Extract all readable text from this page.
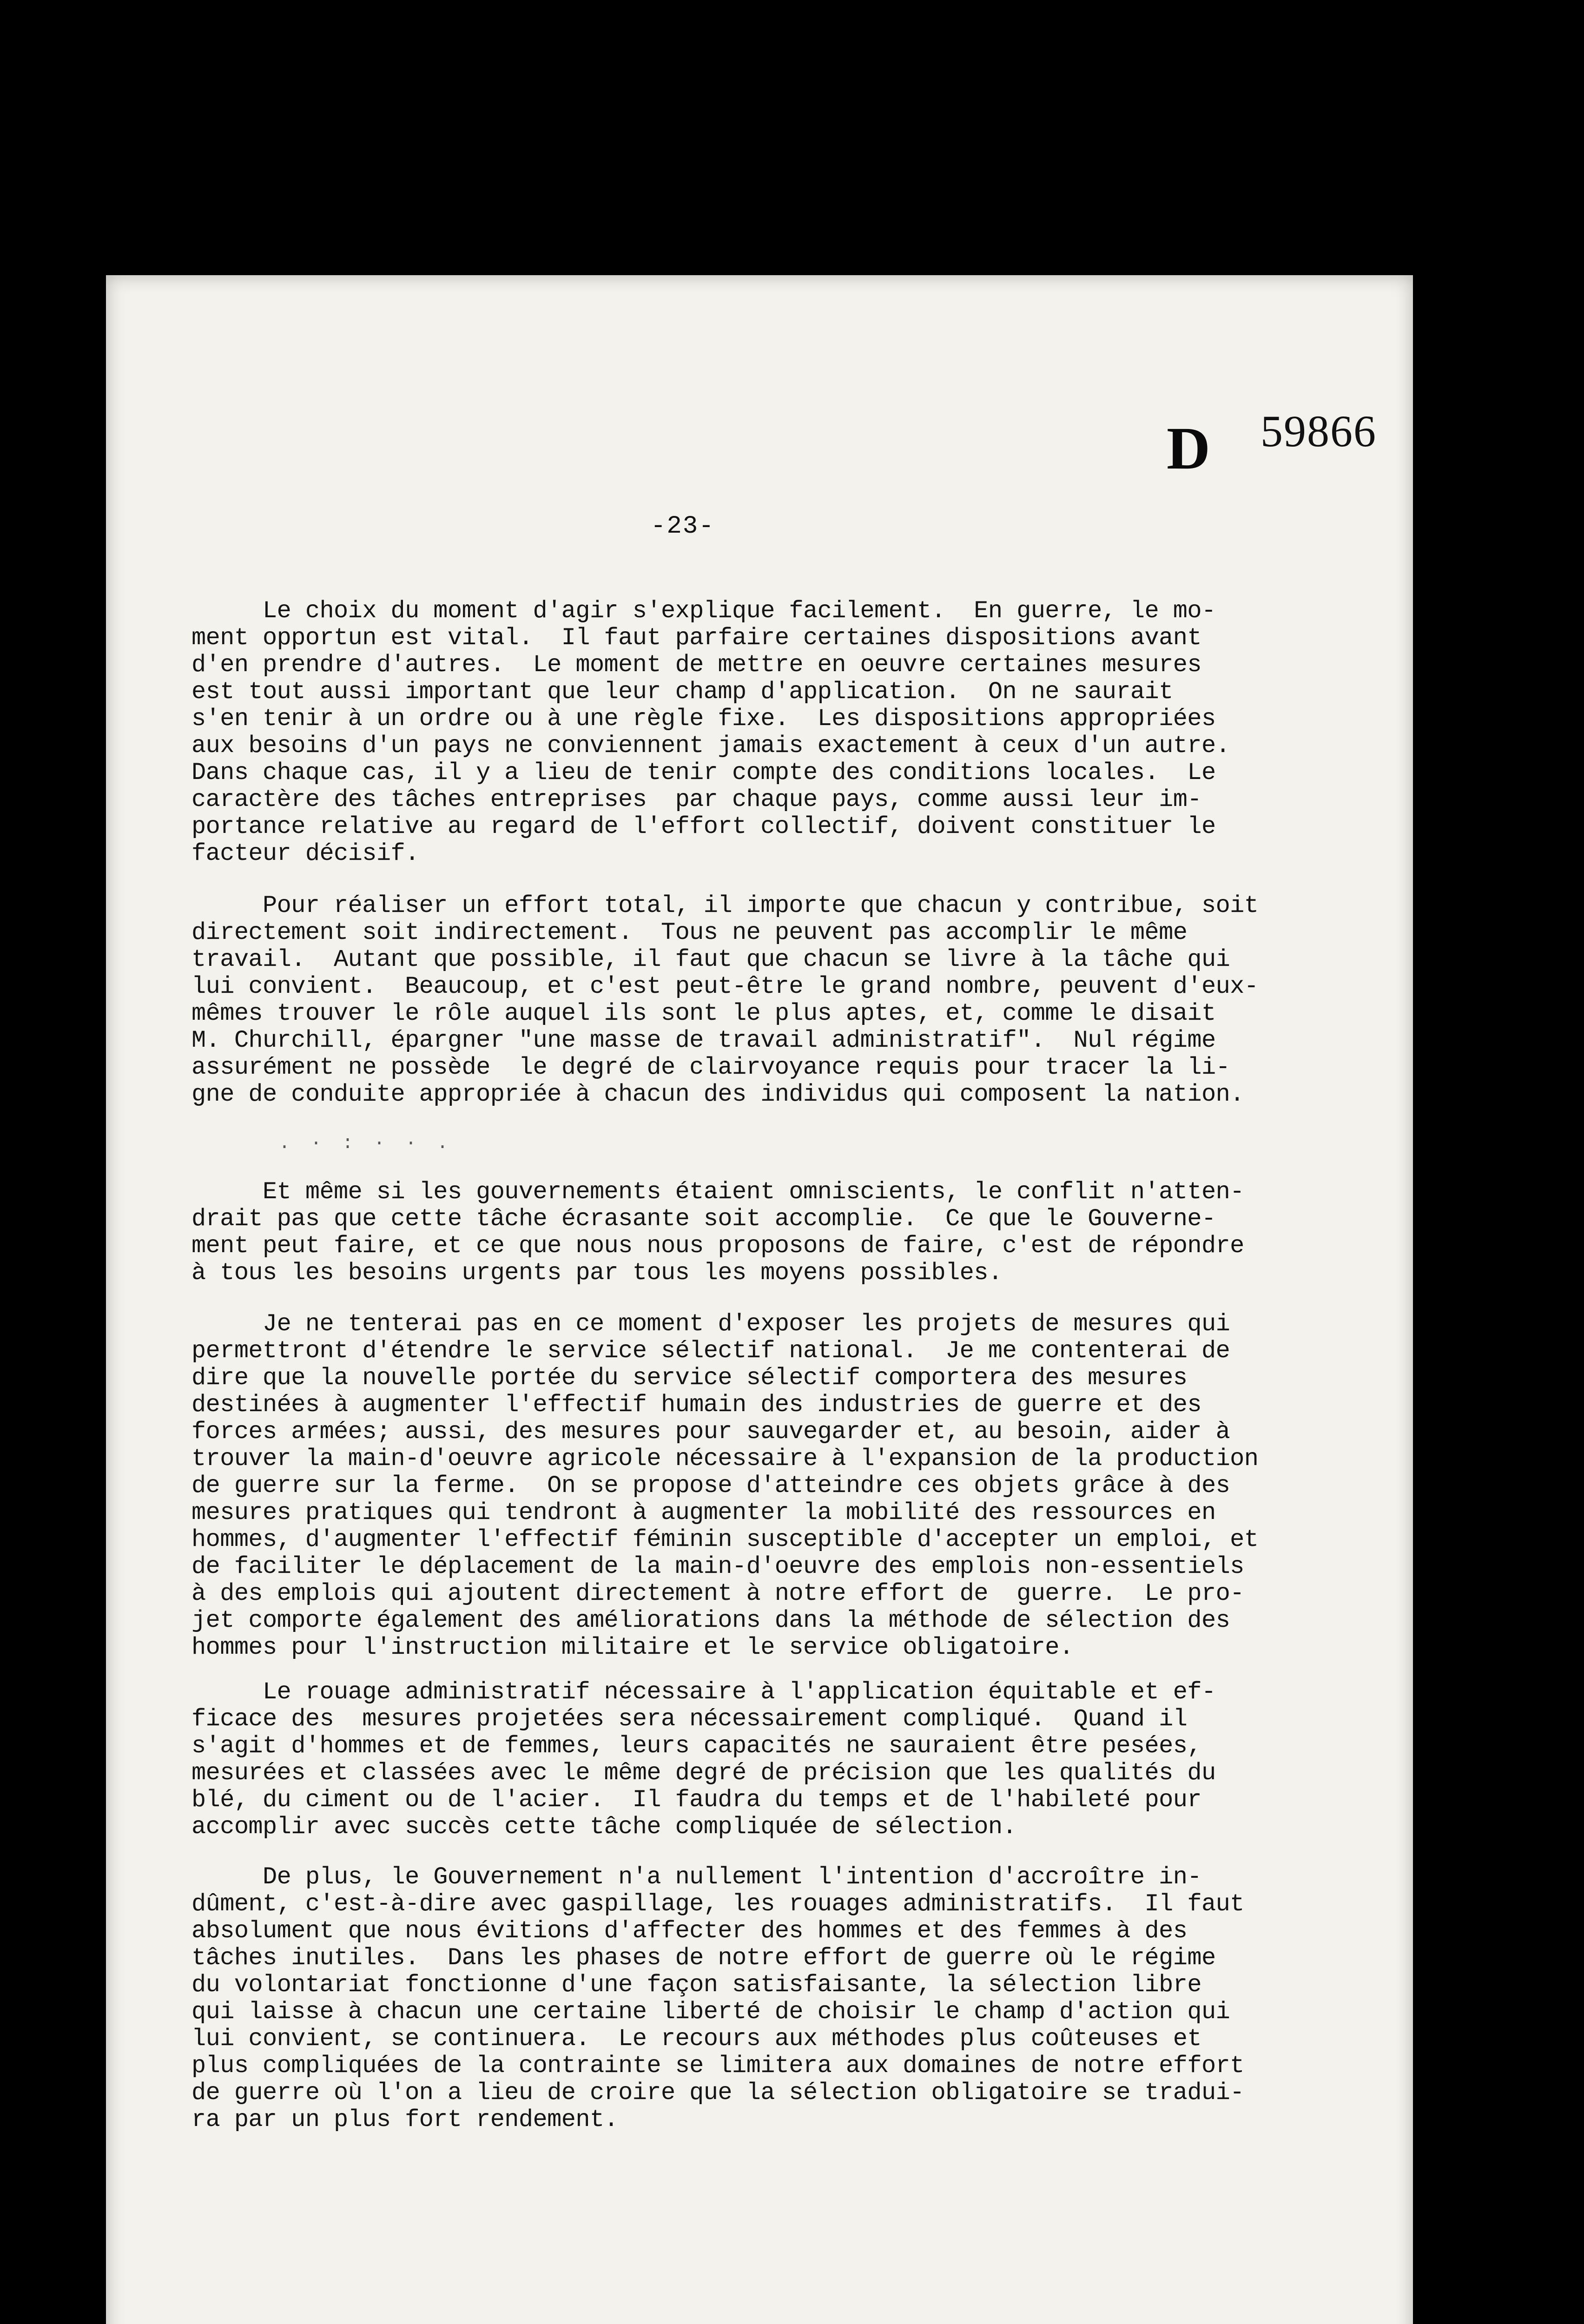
D 59866
-23-
Le choix du moment d'agir s'explique facilement.  En guerre, le mo-
ment opportun est vital.  Il faut parfaire certaines dispositions avant
d'en prendre d'autres.  Le moment de mettre en oeuvre certaines mesures
est tout aussi important que leur champ d'application.  On ne saurait
s'en tenir à un ordre ou à une règle fixe.  Les dispositions appropriées
aux besoins d'un pays ne conviennent jamais exactement à ceux d'un autre.
Dans chaque cas, il y a lieu de tenir compte des conditions locales.  Le
caractère des tâches entreprises  par chaque pays, comme aussi leur im-
portance relative au regard de l'effort collectif, doivent constituer le
facteur décisif.
Pour réaliser un effort total, il importe que chacun y contribue, soit
directement soit indirectement.  Tous ne peuvent pas accomplir le même
travail.  Autant que possible, il faut que chacun se livre à la tâche qui
lui convient.  Beaucoup, et c'est peut-être le grand nombre, peuvent d'eux-
mêmes trouver le rôle auquel ils sont le plus aptes, et, comme le disait
M. Churchill, épargner "une masse de travail administratif".  Nul régime
assurément ne possède  le degré de clairvoyance requis pour tracer la li-
gne de conduite appropriée à chacun des individus qui composent la nation.
. · : · · .
Et même si les gouvernements étaient omniscients, le conflit n'atten-
drait pas que cette tâche écrasante soit accomplie.  Ce que le Gouverne-
ment peut faire, et ce que nous nous proposons de faire, c'est de répondre
à tous les besoins urgents par tous les moyens possibles.
Je ne tenterai pas en ce moment d'exposer les projets de mesures qui
permettront d'étendre le service sélectif national.  Je me contenterai de
dire que la nouvelle portée du service sélectif comportera des mesures
destinées à augmenter l'effectif humain des industries de guerre et des
forces armées; aussi, des mesures pour sauvegarder et, au besoin, aider à
trouver la main-d'oeuvre agricole nécessaire à l'expansion de la production
de guerre sur la ferme.  On se propose d'atteindre ces objets grâce à des
mesures pratiques qui tendront à augmenter la mobilité des ressources en
hommes, d'augmenter l'effectif féminin susceptible d'accepter un emploi, et
de faciliter le déplacement de la main-d'oeuvre des emplois non-essentiels
à des emplois qui ajoutent directement à notre effort de  guerre.  Le pro-
jet comporte également des améliorations dans la méthode de sélection des
hommes pour l'instruction militaire et le service obligatoire.
Le rouage administratif nécessaire à l'application équitable et ef-
ficace des  mesures projetées sera nécessairement compliqué.  Quand il
s'agit d'hommes et de femmes, leurs capacités ne sauraient être pesées,
mesurées et classées avec le même degré de précision que les qualités du
blé, du ciment ou de l'acier.  Il faudra du temps et de l'habileté pour
accomplir avec succès cette tâche compliquée de sélection.
De plus, le Gouvernement n'a nullement l'intention d'accroître in-
dûment, c'est-à-dire avec gaspillage, les rouages administratifs.  Il faut
absolument que nous évitions d'affecter des hommes et des femmes à des
tâches inutiles.  Dans les phases de notre effort de guerre où le régime
du volontariat fonctionne d'une façon satisfaisante, la sélection libre
qui laisse à chacun une certaine liberté de choisir le champ d'action qui
lui convient, se continuera.  Le recours aux méthodes plus coûteuses et
plus compliquées de la contrainte se limitera aux domaines de notre effort
de guerre où l'on a lieu de croire que la sélection obligatoire se tradui-
ra par un plus fort rendement.
